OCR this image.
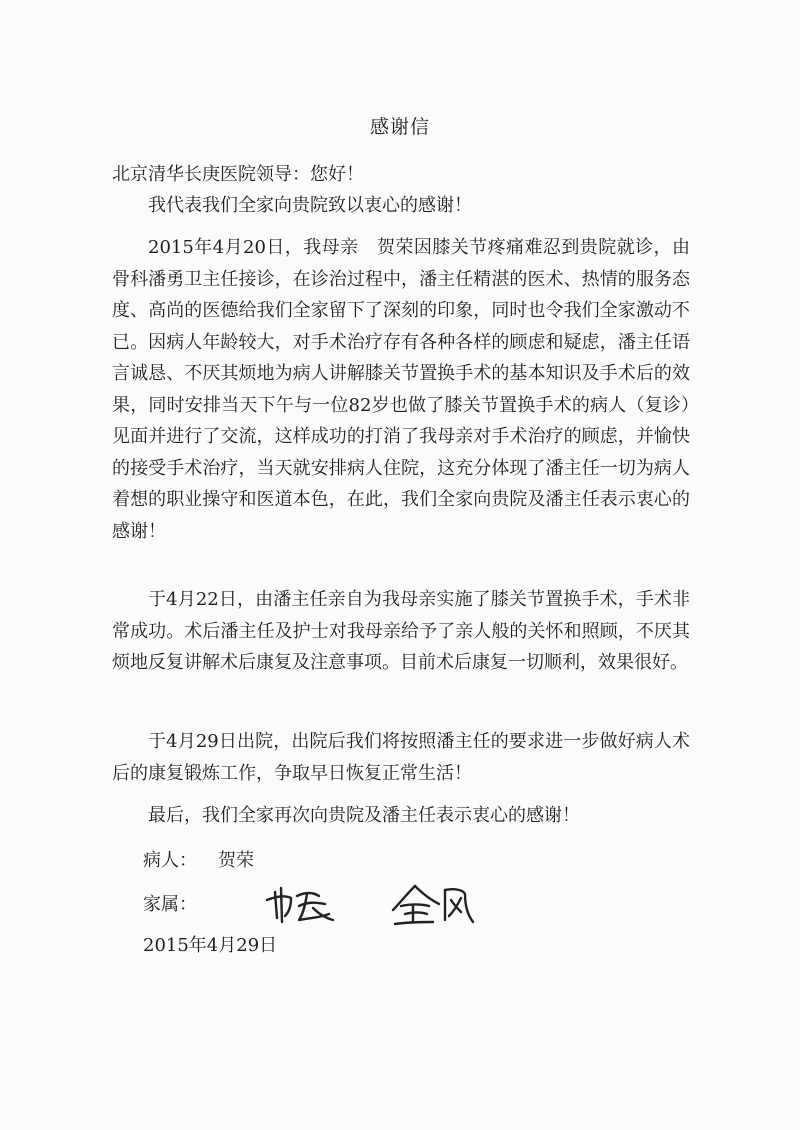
感谢信
北京清华长庚医院领导：您好！

我代表我们全家向贵院致以衷心的感谢！

2015年4月20日，我母亲　贺荣因膝关节疼痛难忍到贵院就诊，由骨科潘勇卫主任接诊，在诊治过程中，潘主任精湛的医术、热情的服务态度、高尚的医德给我们全家留下了深刻的印象，同时也令我们全家激动不已。因病人年龄较大，对手术治疗存有各种各样的顾虑和疑虑，潘主任语言诚恳、不厌其烦地为病人讲解膝关节置换手术的基本知识及手术后的效果，同时安排当天下午与一位82岁也做了膝关节置换手术的病人（复诊）见面并进行了交流，这样成功的打消了我母亲对手术治疗的顾虑，并愉快的接受手术治疗，当天就安排病人住院，这充分体现了潘主任一切为病人着想的职业操守和医道本色，在此，我们全家向贵院及潘主任表示衷心的感谢！

于4月22日，由潘主任亲自为我母亲实施了膝关节置换手术，手术非常成功。术后潘主任及护士对我母亲给予了亲人般的关怀和照顾，不厌其烦地反复讲解术后康复及注意事项。目前术后康复一切顺利，效果很好。

于4月29日出院，出院后我们将按照潘主任的要求进一步做好病人术后的康复锻炼工作，争取早日恢复正常生活！

最后，我们全家再次向贵院及潘主任表示衷心的感谢！

病人： 贺荣
家属：
2015年4月29日
